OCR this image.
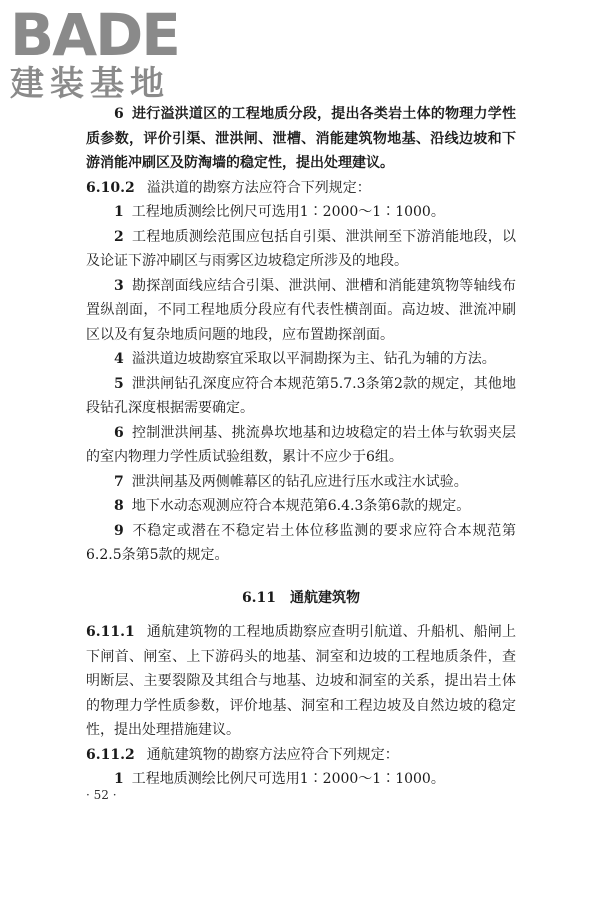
BADE
建装基地

6 进行溢洪道区的工程地质分段，提出各类岩土体的物理力学性质参数，评价引渠、泄洪闸、泄槽、消能建筑物地基、沿线边坡和下游消能冲刷区及防淘墙的稳定性，提出处理建议。

6.10.2 溢洪道的勘察方法应符合下列规定：

1 工程地质测绘比例尺可选用1∶2000～1∶1000。

2 工程地质测绘范围应包括自引渠、泄洪闸至下游消能地段，以及论证下游冲刷区与雨雾区边坡稳定所涉及的地段。

3 勘探剖面线应结合引渠、泄洪闸、泄槽和消能建筑物等轴线布置纵剖面，不同工程地质分段应有代表性横剖面。高边坡、泄流冲刷区以及有复杂地质问题的地段，应布置勘探剖面。

4 溢洪道边坡勘察宜采取以平洞勘探为主、钻孔为辅的方法。

5 泄洪闸钻孔深度应符合本规范第5.7.3条第2款的规定，其他地段钻孔深度根据需要确定。

6 控制泄洪闸基、挑流鼻坎地基和边坡稳定的岩土体与软弱夹层的室内物理力学性质试验组数，累计不应少于6组。

7 泄洪闸基及两侧帷幕区的钻孔应进行压水或注水试验。

8 地下水动态观测应符合本规范第6.4.3条第6款的规定。

9 不稳定或潜在不稳定岩土体位移监测的要求应符合本规范第6.2.5条第5款的规定。

6.11 通航建筑物

6.11.1 通航建筑物的工程地质勘察应查明引航道、升船机、船闸上下闸首、闸室、上下游码头的地基、洞室和边坡的工程地质条件，查明断层、主要裂隙及其组合与地基、边坡和洞室的关系，提出岩土体的物理力学性质参数，评价地基、洞室和工程边坡及自然边坡的稳定性，提出处理措施建议。

6.11.2 通航建筑物的勘察方法应符合下列规定：

1 工程地质测绘比例尺可选用1∶2000～1∶1000。

· 52 ·
